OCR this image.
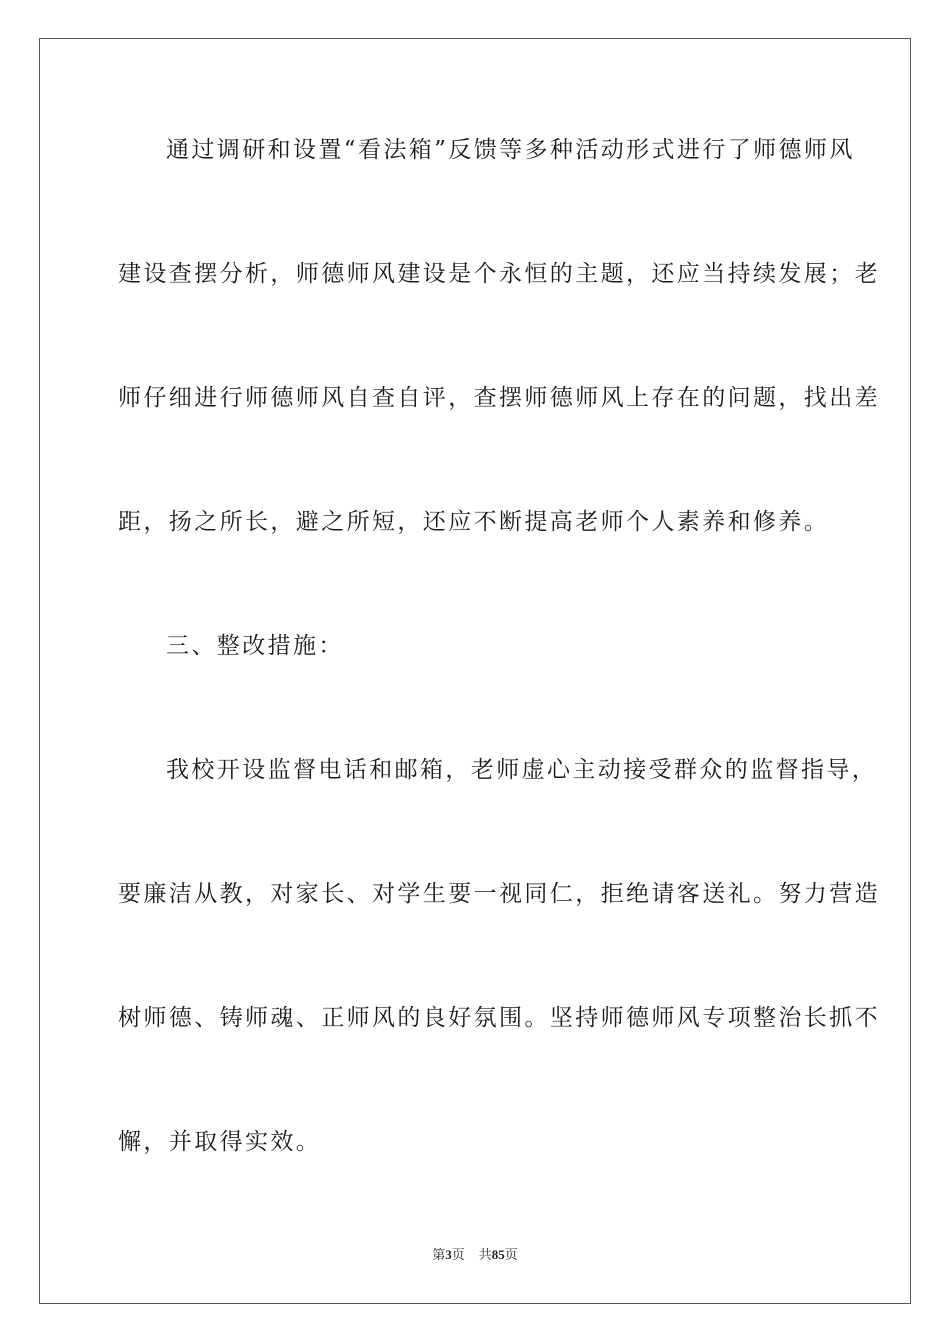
通过调研和设置“看法箱”反馈等多种活动形式进行了师德师风
建设查摆分析，师德师风建设是个永恒的主题，还应当持续发展；老
师仔细进行师德师风自查自评，查摆师德师风上存在的问题，找出差
距，扬之所长，避之所短，还应不断提高老师个人素养和修养。
三、整改措施：
我校开设监督电话和邮箱，老师虚心主动接受群众的监督指导，
要廉洁从教，对家长、对学生要一视同仁，拒绝请客送礼。努力营造
树师德、铸师魂、正师风的良好氛围。坚持师德师风专项整治长抓不
懈，并取得实效。
第3页 共85页
